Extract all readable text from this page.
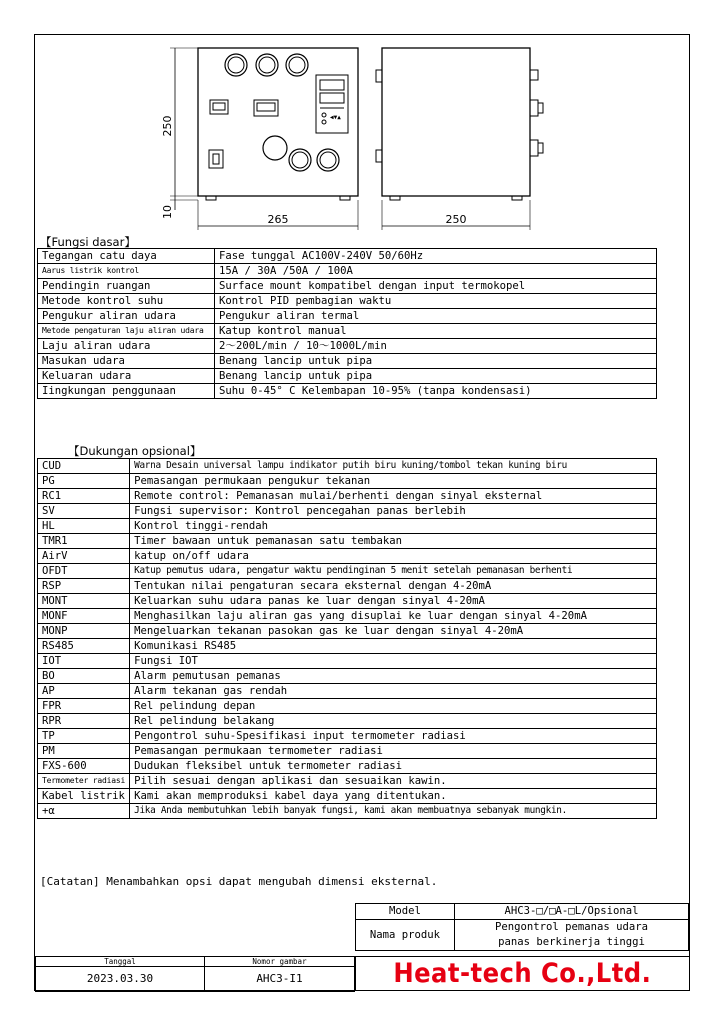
◀▼▲
250
10
265	250
【Fungsi dasar】
Tegangan catu daya	Fase tunggal AC100V-240V 50/60Hz
Aarus listrik kontrol	15A / 30A /50A / 100A
Pendingin ruangan	Surface mount kompatibel dengan input termokopel
Metode kontrol suhu	Kontrol PID pembagian waktu
Pengukur aliran udara	Pengukur aliran termal
Metode pengaturan laju aliran udara	Katup kontrol manual
Laju aliran udara	2～200L/min / 10～1000L/min
Masukan udara	Benang lancip untuk pipa
Keluaran udara	Benang lancip untuk pipa
Iingkungan penggunaan	Suhu 0-45° C Kelembapan 10-95% (tanpa kondensasi)
【Dukungan opsional】
CUD	Warna Desain universal lampu indikator putih biru kuning/tombol tekan kuning biru
PG	Pemasangan permukaan pengukur tekanan
RC1	Remote control: Pemanasan mulai/berhenti dengan sinyal eksternal
SV	Fungsi supervisor: Kontrol pencegahan panas berlebih
HL	Kontrol tinggi-rendah
TMR1	Timer bawaan untuk pemanasan satu tembakan
AirV	katup on/off udara
OFDT	Katup pemutus udara, pengatur waktu pendinginan 5 menit setelah pemanasan berhenti
RSP	Tentukan nilai pengaturan secara eksternal dengan 4-20mA
MONT	Keluarkan suhu udara panas ke luar dengan sinyal 4-20mA
MONF	Menghasilkan laju aliran gas yang disuplai ke luar dengan sinyal 4-20mA
MONP	Mengeluarkan tekanan pasokan gas ke luar dengan sinyal 4-20mA
RS485	Komunikasi RS485
IOT	Fungsi IOT
BO	Alarm pemutusan pemanas
AP	Alarm tekanan gas rendah
FPR	Rel pelindung depan
RPR	Rel pelindung belakang
TP	Pengontrol suhu-Spesifikasi input termometer radiasi
PM	Pemasangan permukaan termometer radiasi
FXS-600	Dudukan fleksibel untuk termometer radiasi
Termometer radiasi	Pilih sesuai dengan aplikasi dan sesuaikan kawin.
Kabel listrik	Kami akan memproduksi kabel daya yang ditentukan.
+α	Jika Anda membutuhkan lebih banyak fungsi, kami akan membuatnya sebanyak mungkin.
[Catatan] Menambahkan opsi dapat mengubah dimensi eksternal.
Model	AHC3-□/□A-□L/Opsional
Nama produk	Pengontrol pemanas udara
	panas berkinerja tinggi
Tanggal	Nomor gambar
2023.03.30	AHC3-I1	Heat-tech Co.,Ltd.
